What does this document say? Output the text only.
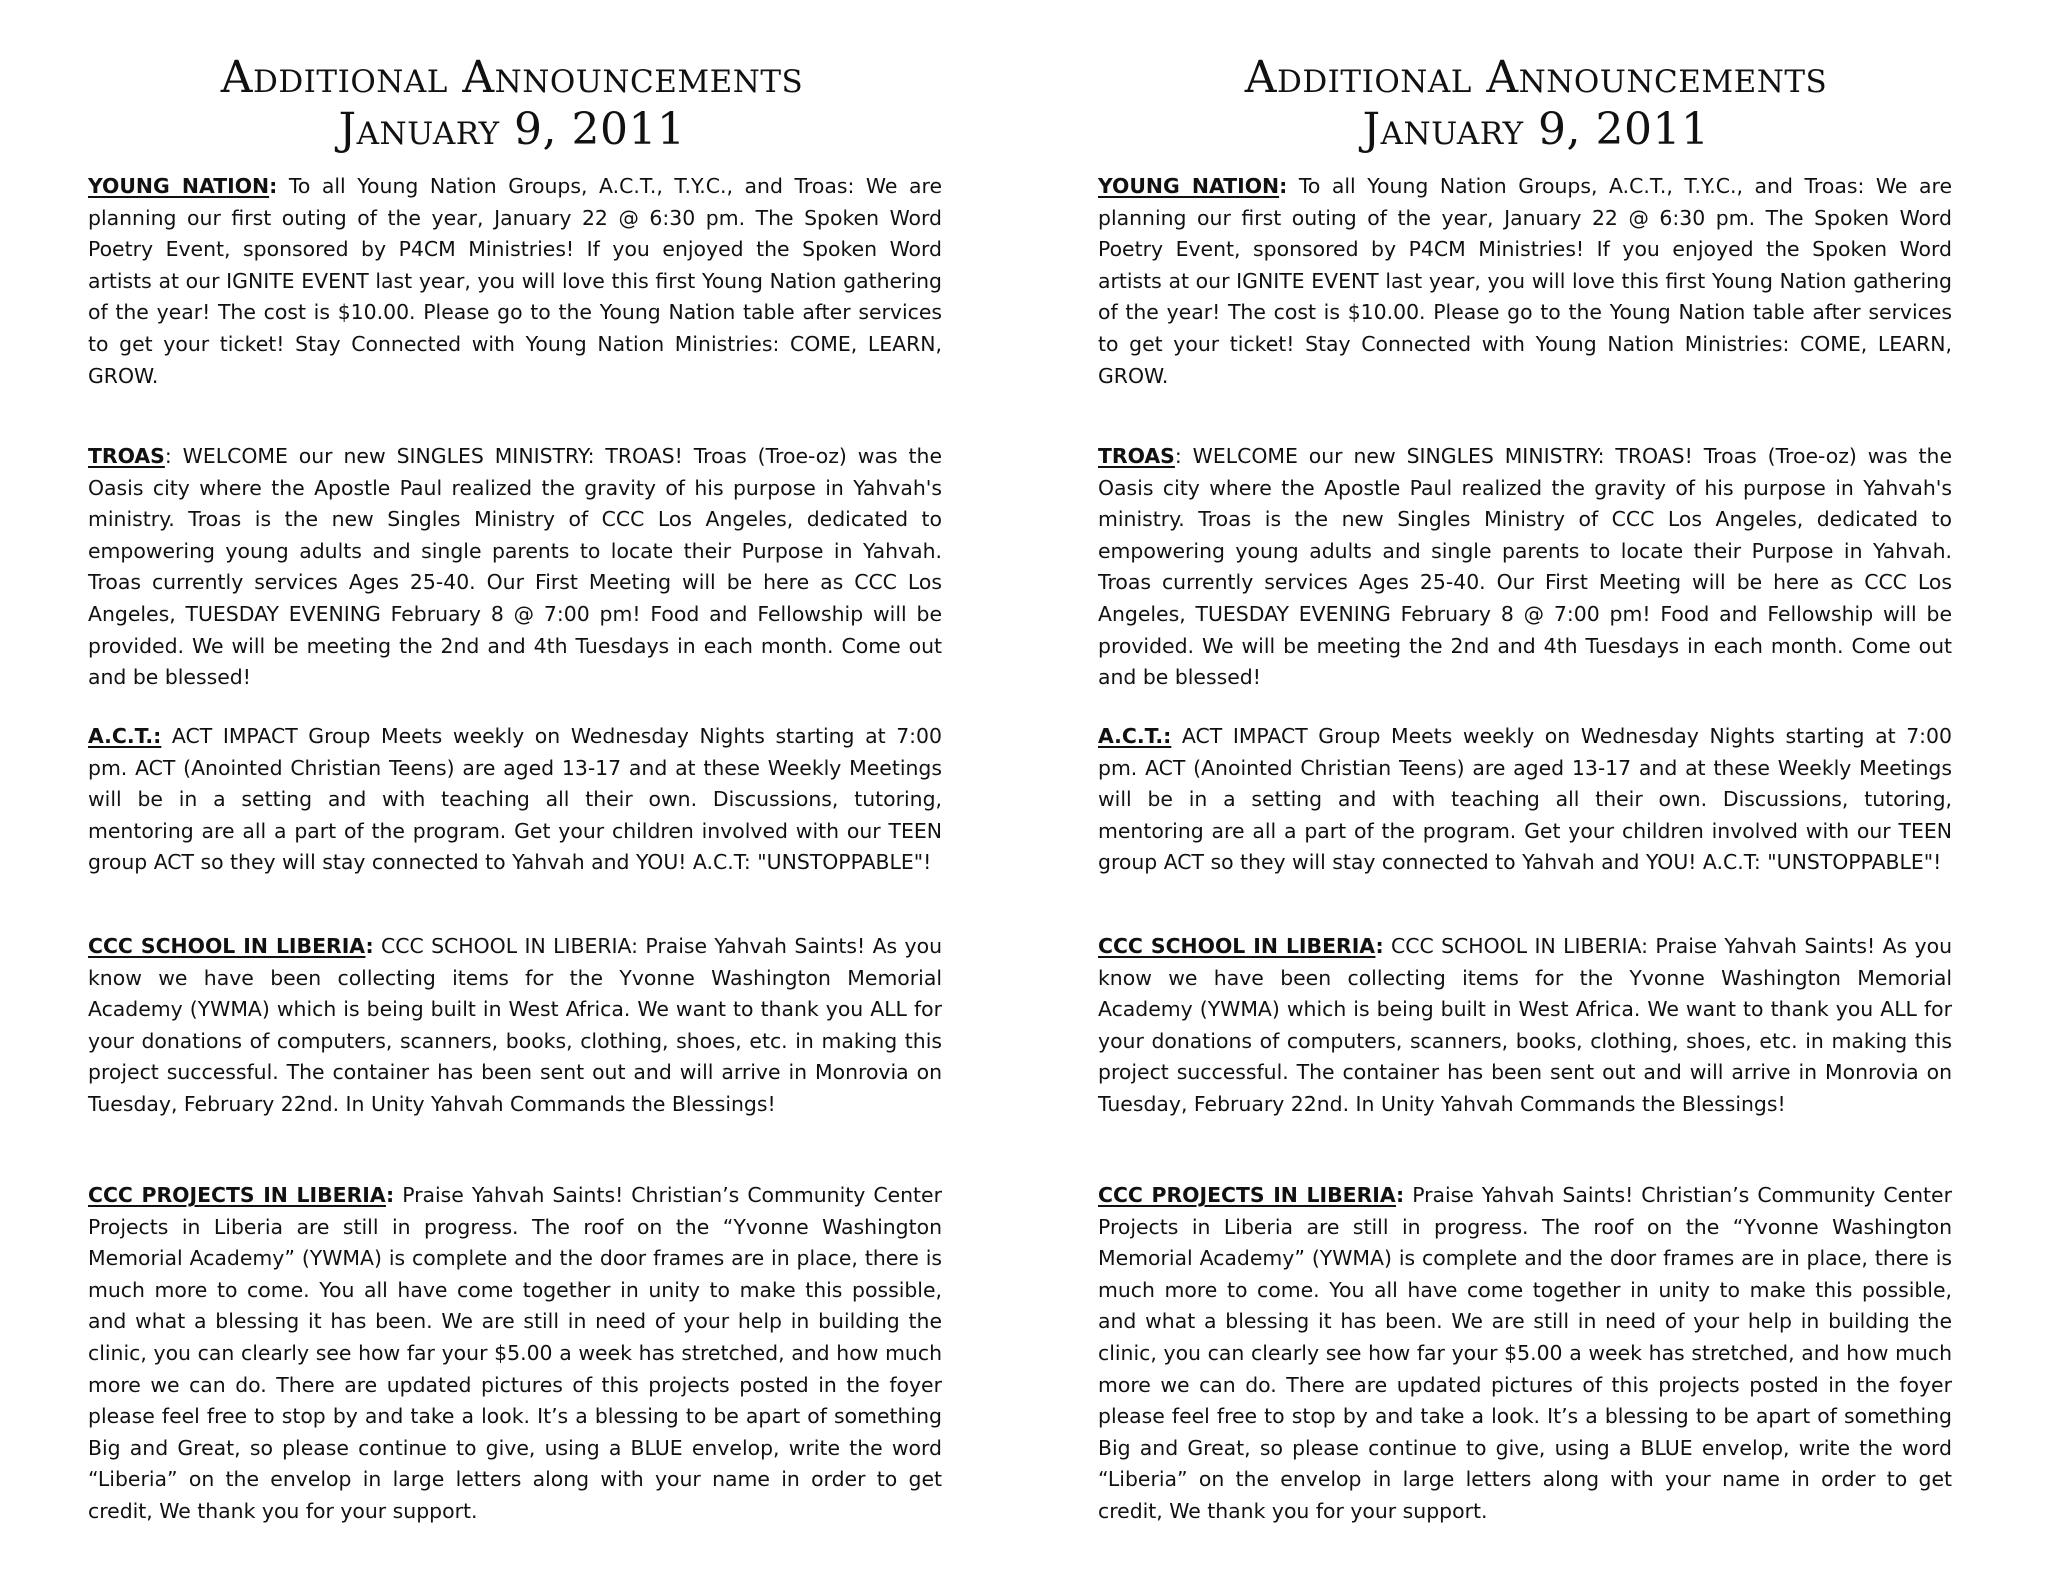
Additional Announcements

January 9, 2011

YOUNG NATION: To all Young Nation Groups, A.C.T., T.Y.C., and Troas: We are planning our first outing of the year, January 22 @ 6:30 pm. The Spoken Word Poetry Event, sponsored by P4CM Ministries! If you enjoyed the Spoken Word artists at our IGNITE EVENT last year, you will love this first Young Nation gathering of the year! The cost is $10.00. Please go to the Young Nation table after services to get your ticket! Stay Connected with Young Nation Ministries: COME, LEARN, GROW.

TROAS: WELCOME our new SINGLES MINISTRY: TROAS! Troas (Troe-oz) was the Oasis city where the Apostle Paul realized the gravity of his purpose in Yahvah's ministry. Troas is the new Singles Ministry of CCC Los Angeles, dedicated to empowering young adults and single parents to locate their Purpose in Yahvah. Troas currently services Ages 25-40. Our First Meeting will be here as CCC Los Angeles, TUESDAY EVENING February 8 @ 7:00 pm! Food and Fellowship will be provided. We will be meeting the 2nd and 4th Tuesdays in each month. Come out and be blessed!

A.C.T.: ACT IMPACT Group Meets weekly on Wednesday Nights starting at 7:00 pm. ACT (Anointed Christian Teens) are aged 13-17 and at these Weekly Meetings will be in a setting and with teaching all their own. Discussions, tutoring, mentoring are all a part of the program. Get your children involved with our TEEN group ACT so they will stay connected to Yahvah and YOU! A.C.T: "UNSTOPPABLE"!

CCC SCHOOL IN LIBERIA: CCC SCHOOL IN LIBERIA: Praise Yahvah Saints! As you know we have been collecting items for the Yvonne Washington Memorial Academy (YWMA) which is being built in West Africa. We want to thank you ALL for your donations of computers, scanners, books, clothing, shoes, etc. in making this project successful. The container has been sent out and will arrive in Monrovia on Tuesday, February 22nd. In Unity Yahvah Commands the Blessings!

CCC PROJECTS IN LIBERIA: Praise Yahvah Saints! Christian’s Community Center Projects in Liberia are still in progress. The roof on the “Yvonne Washington Memorial Academy” (YWMA) is complete and the door frames are in place, there is much more to come. You all have come together in unity to make this possible, and what a blessing it has been. We are still in need of your help in building the clinic, you can clearly see how far your $5.00 a week has stretched, and how much more we can do. There are updated pictures of this projects posted in the foyer please feel free to stop by and take a look. It’s a blessing to be apart of something Big and Great, so please continue to give, using a BLUE envelop, write the word “Liberia” on the envelop in large letters along with your name in order to get credit, We thank you for your support.

Additional Announcements

January 9, 2011

YOUNG NATION: To all Young Nation Groups, A.C.T., T.Y.C., and Troas: We are planning our first outing of the year, January 22 @ 6:30 pm. The Spoken Word Poetry Event, sponsored by P4CM Ministries! If you enjoyed the Spoken Word artists at our IGNITE EVENT last year, you will love this first Young Nation gathering of the year! The cost is $10.00. Please go to the Young Nation table after services to get your ticket! Stay Connected with Young Nation Ministries: COME, LEARN, GROW.

TROAS: WELCOME our new SINGLES MINISTRY: TROAS! Troas (Troe-oz) was the Oasis city where the Apostle Paul realized the gravity of his purpose in Yahvah's ministry. Troas is the new Singles Ministry of CCC Los Angeles, dedicated to empowering young adults and single parents to locate their Purpose in Yahvah. Troas currently services Ages 25-40. Our First Meeting will be here as CCC Los Angeles, TUESDAY EVENING February 8 @ 7:00 pm! Food and Fellowship will be provided. We will be meeting the 2nd and 4th Tuesdays in each month. Come out and be blessed!

A.C.T.: ACT IMPACT Group Meets weekly on Wednesday Nights starting at 7:00 pm. ACT (Anointed Christian Teens) are aged 13-17 and at these Weekly Meetings will be in a setting and with teaching all their own. Discussions, tutoring, mentoring are all a part of the program. Get your children involved with our TEEN group ACT so they will stay connected to Yahvah and YOU! A.C.T: "UNSTOPPABLE"!

CCC SCHOOL IN LIBERIA: CCC SCHOOL IN LIBERIA: Praise Yahvah Saints! As you know we have been collecting items for the Yvonne Washington Memorial Academy (YWMA) which is being built in West Africa. We want to thank you ALL for your donations of computers, scanners, books, clothing, shoes, etc. in making this project successful. The container has been sent out and will arrive in Monrovia on Tuesday, February 22nd. In Unity Yahvah Commands the Blessings!

CCC PROJECTS IN LIBERIA: Praise Yahvah Saints! Christian’s Community Center Projects in Liberia are still in progress. The roof on the “Yvonne Washington Memorial Academy” (YWMA) is complete and the door frames are in place, there is much more to come. You all have come together in unity to make this possible, and what a blessing it has been. We are still in need of your help in building the clinic, you can clearly see how far your $5.00 a week has stretched, and how much more we can do. There are updated pictures of this projects posted in the foyer please feel free to stop by and take a look. It’s a blessing to be apart of something Big and Great, so please continue to give, using a BLUE envelop, write the word “Liberia” on the envelop in large letters along with your name in order to get credit, We thank you for your support.
